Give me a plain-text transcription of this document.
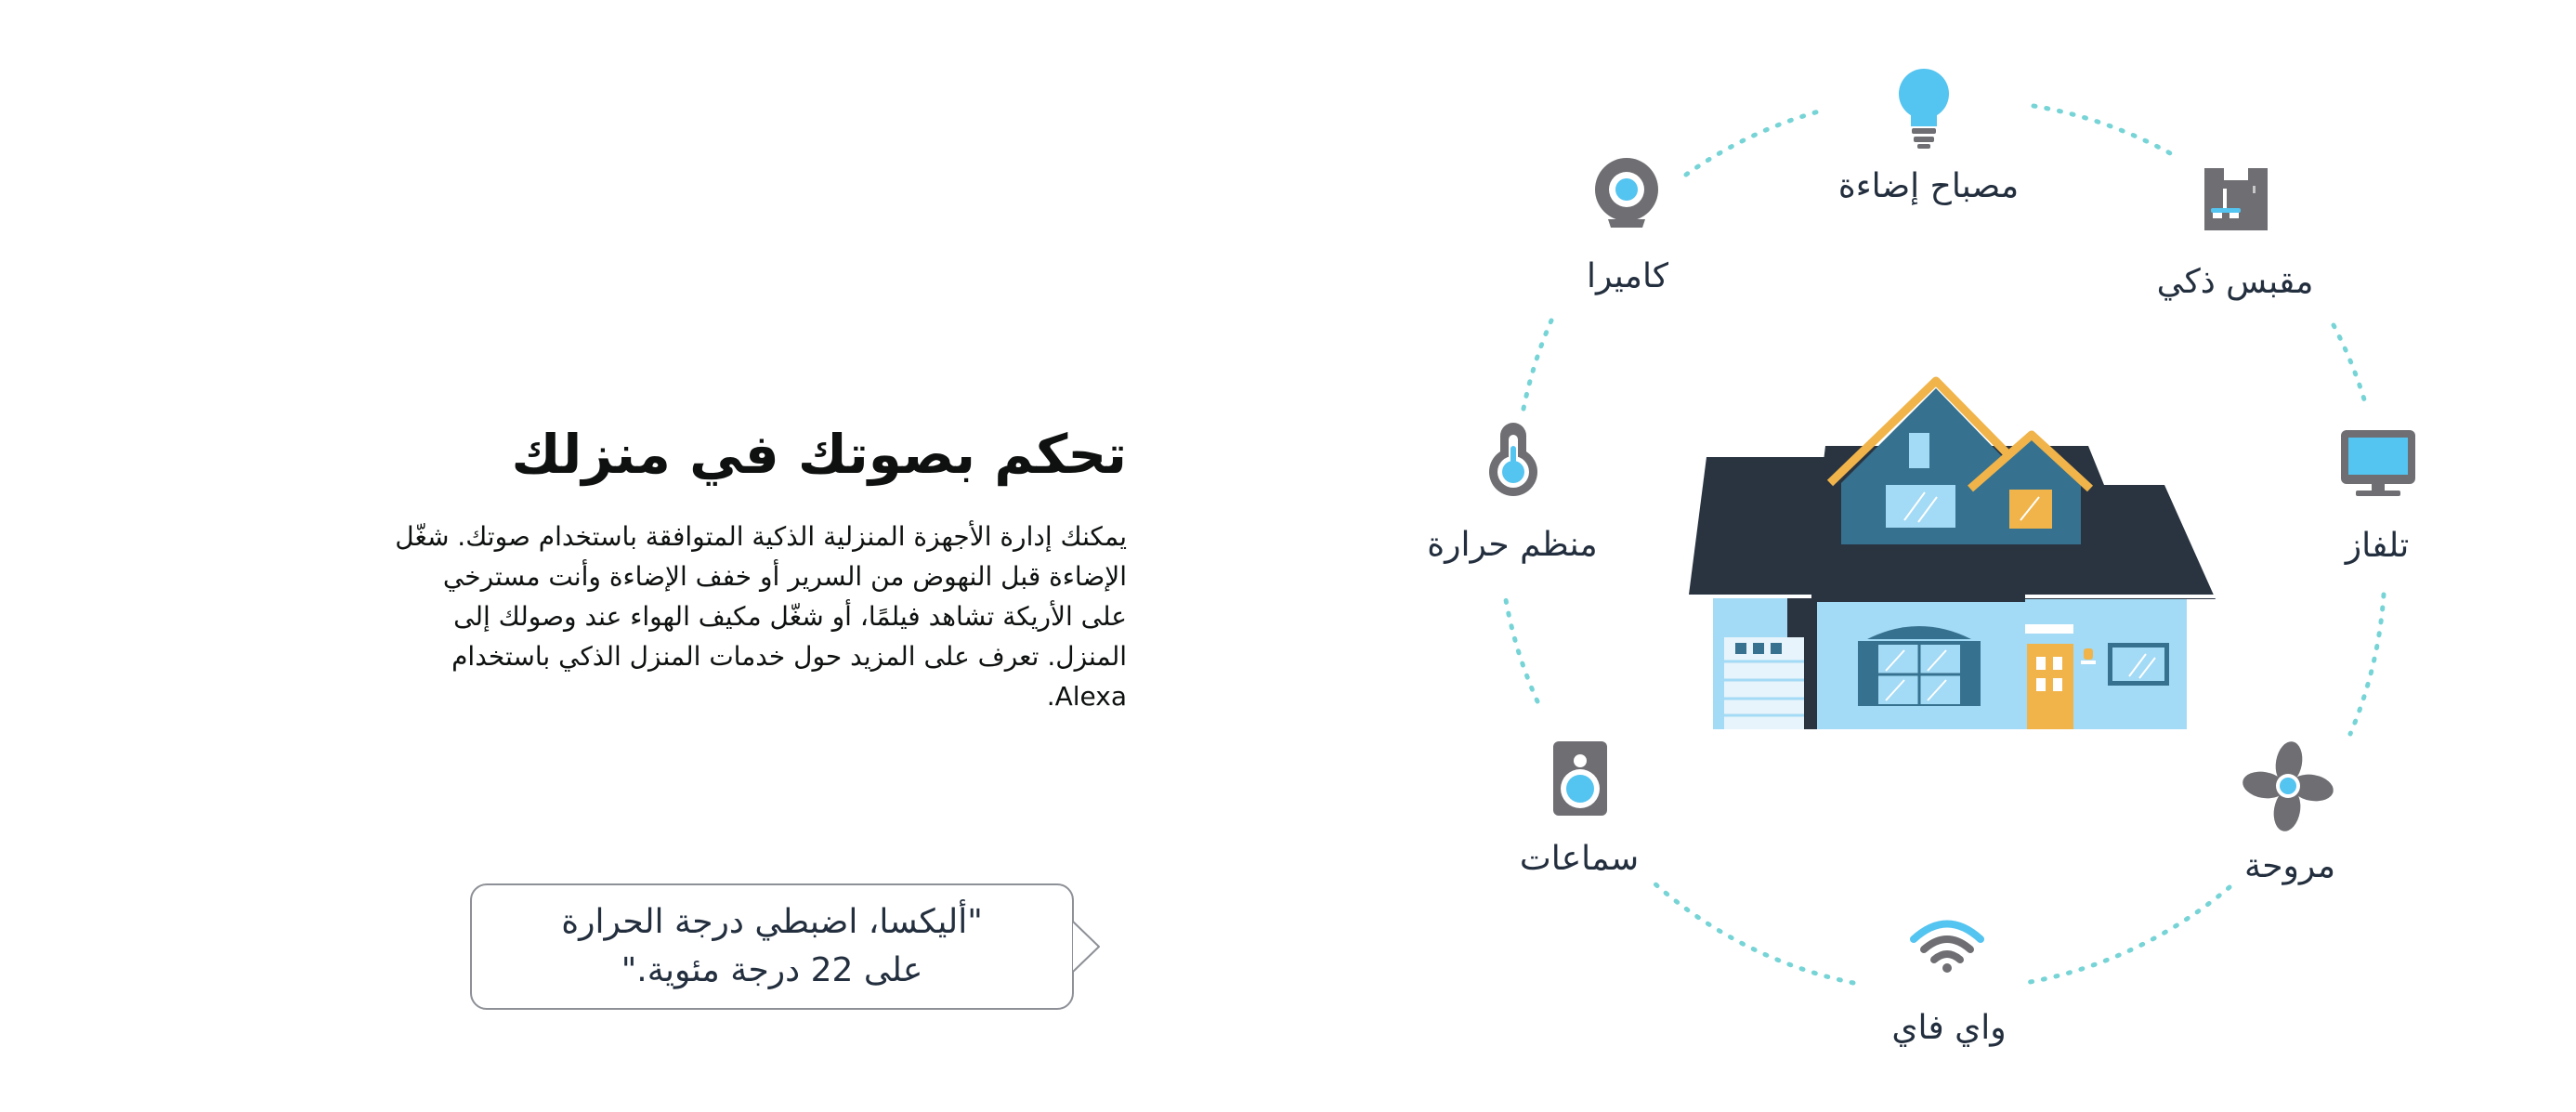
تحكم بصوتك في منزلك

يمكنك إدارة الأجهزة المنزلية الذكية المتوافقة باستخدام صوتك. شغّل الإضاءة قبل النهوض من السرير أو خفف الإضاءة وأنت مسترخي على الأريكة تشاهد فيلمًا، أو شغّل مكيف الهواء عند وصولك إلى المنزل. تعرف على المزيد حول خدمات المنزل الذكي باستخدام Alexa.

"أليكسا، اضبطي درجة الحرارة
على 22 درجة مئوية."
مصباح إضاءة
مقبس ذكي
كاميرا
منظم حرارة	تلفاز
سماعات	مروحة
واي فاي
